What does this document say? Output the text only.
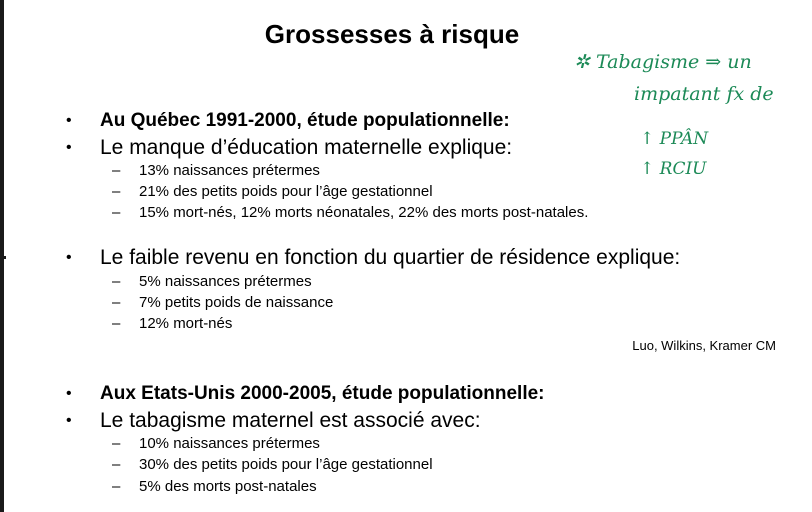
Grossesses à risque
• Au Québec 1991-2000, étude populationnelle:
• Le manque d’éducation maternelle explique:
– 13% naissances prétermes
– 21% des petits poids pour l’âge gestationnel
– 15% mort-nés, 12% morts néonatales, 22% des morts post-natales.
• Le faible revenu en fonction du quartier de résidence explique:
– 5% naissances prétermes
– 7% petits poids de naissance
– 12% mort-nés
Luo, Wilkins, Kramer CM
• Aux Etats-Unis 2000-2005, étude populationnelle:
• Le tabagisme maternel est associé avec:
– 10% naissances prétermes
– 30% des petits poids pour l’âge gestationnel
– 5% des morts post-natales
✲ Tabagisme ⇒ un
impatant fx de
↑ PPÂN
↑ RCIU
